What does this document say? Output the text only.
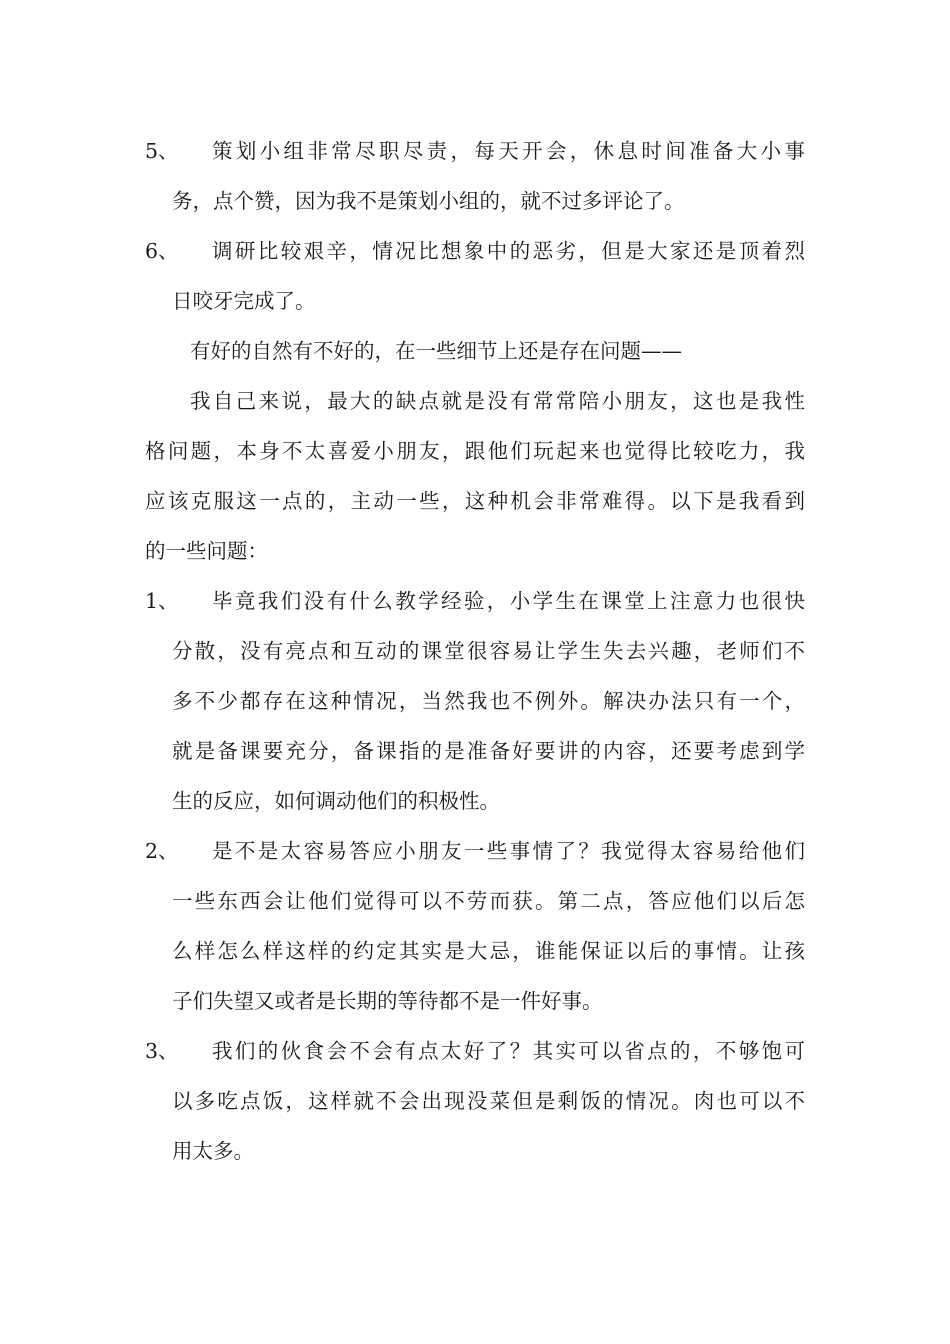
5、 策划小组非常尽职尽责，每天开会，休息时间准备大小事
务，点个赞，因为我不是策划小组的，就不过多评论了。
6、 调研比较艰辛，情况比想象中的恶劣，但是大家还是顶着烈
日咬牙完成了。
有好的自然有不好的，在一些细节上还是存在问题——
我自己来说，最大的缺点就是没有常常陪小朋友，这也是我性
格问题，本身不太喜爱小朋友，跟他们玩起来也觉得比较吃力，我
应该克服这一点的，主动一些，这种机会非常难得。以下是我看到
的一些问题：
1、 毕竟我们没有什么教学经验，小学生在课堂上注意力也很快
分散，没有亮点和互动的课堂很容易让学生失去兴趣，老师们不
多不少都存在这种情况，当然我也不例外。解决办法只有一个，
就是备课要充分，备课指的是准备好要讲的内容，还要考虑到学
生的反应，如何调动他们的积极性。
2、 是不是太容易答应小朋友一些事情了？我觉得太容易给他们
一些东西会让他们觉得可以不劳而获。第二点，答应他们以后怎
么样怎么样这样的约定其实是大忌，谁能保证以后的事情。让孩
子们失望又或者是长期的等待都不是一件好事。
3、 我们的伙食会不会有点太好了？其实可以省点的，不够饱可
以多吃点饭，这样就不会出现没菜但是剩饭的情况。肉也可以不
用太多。
